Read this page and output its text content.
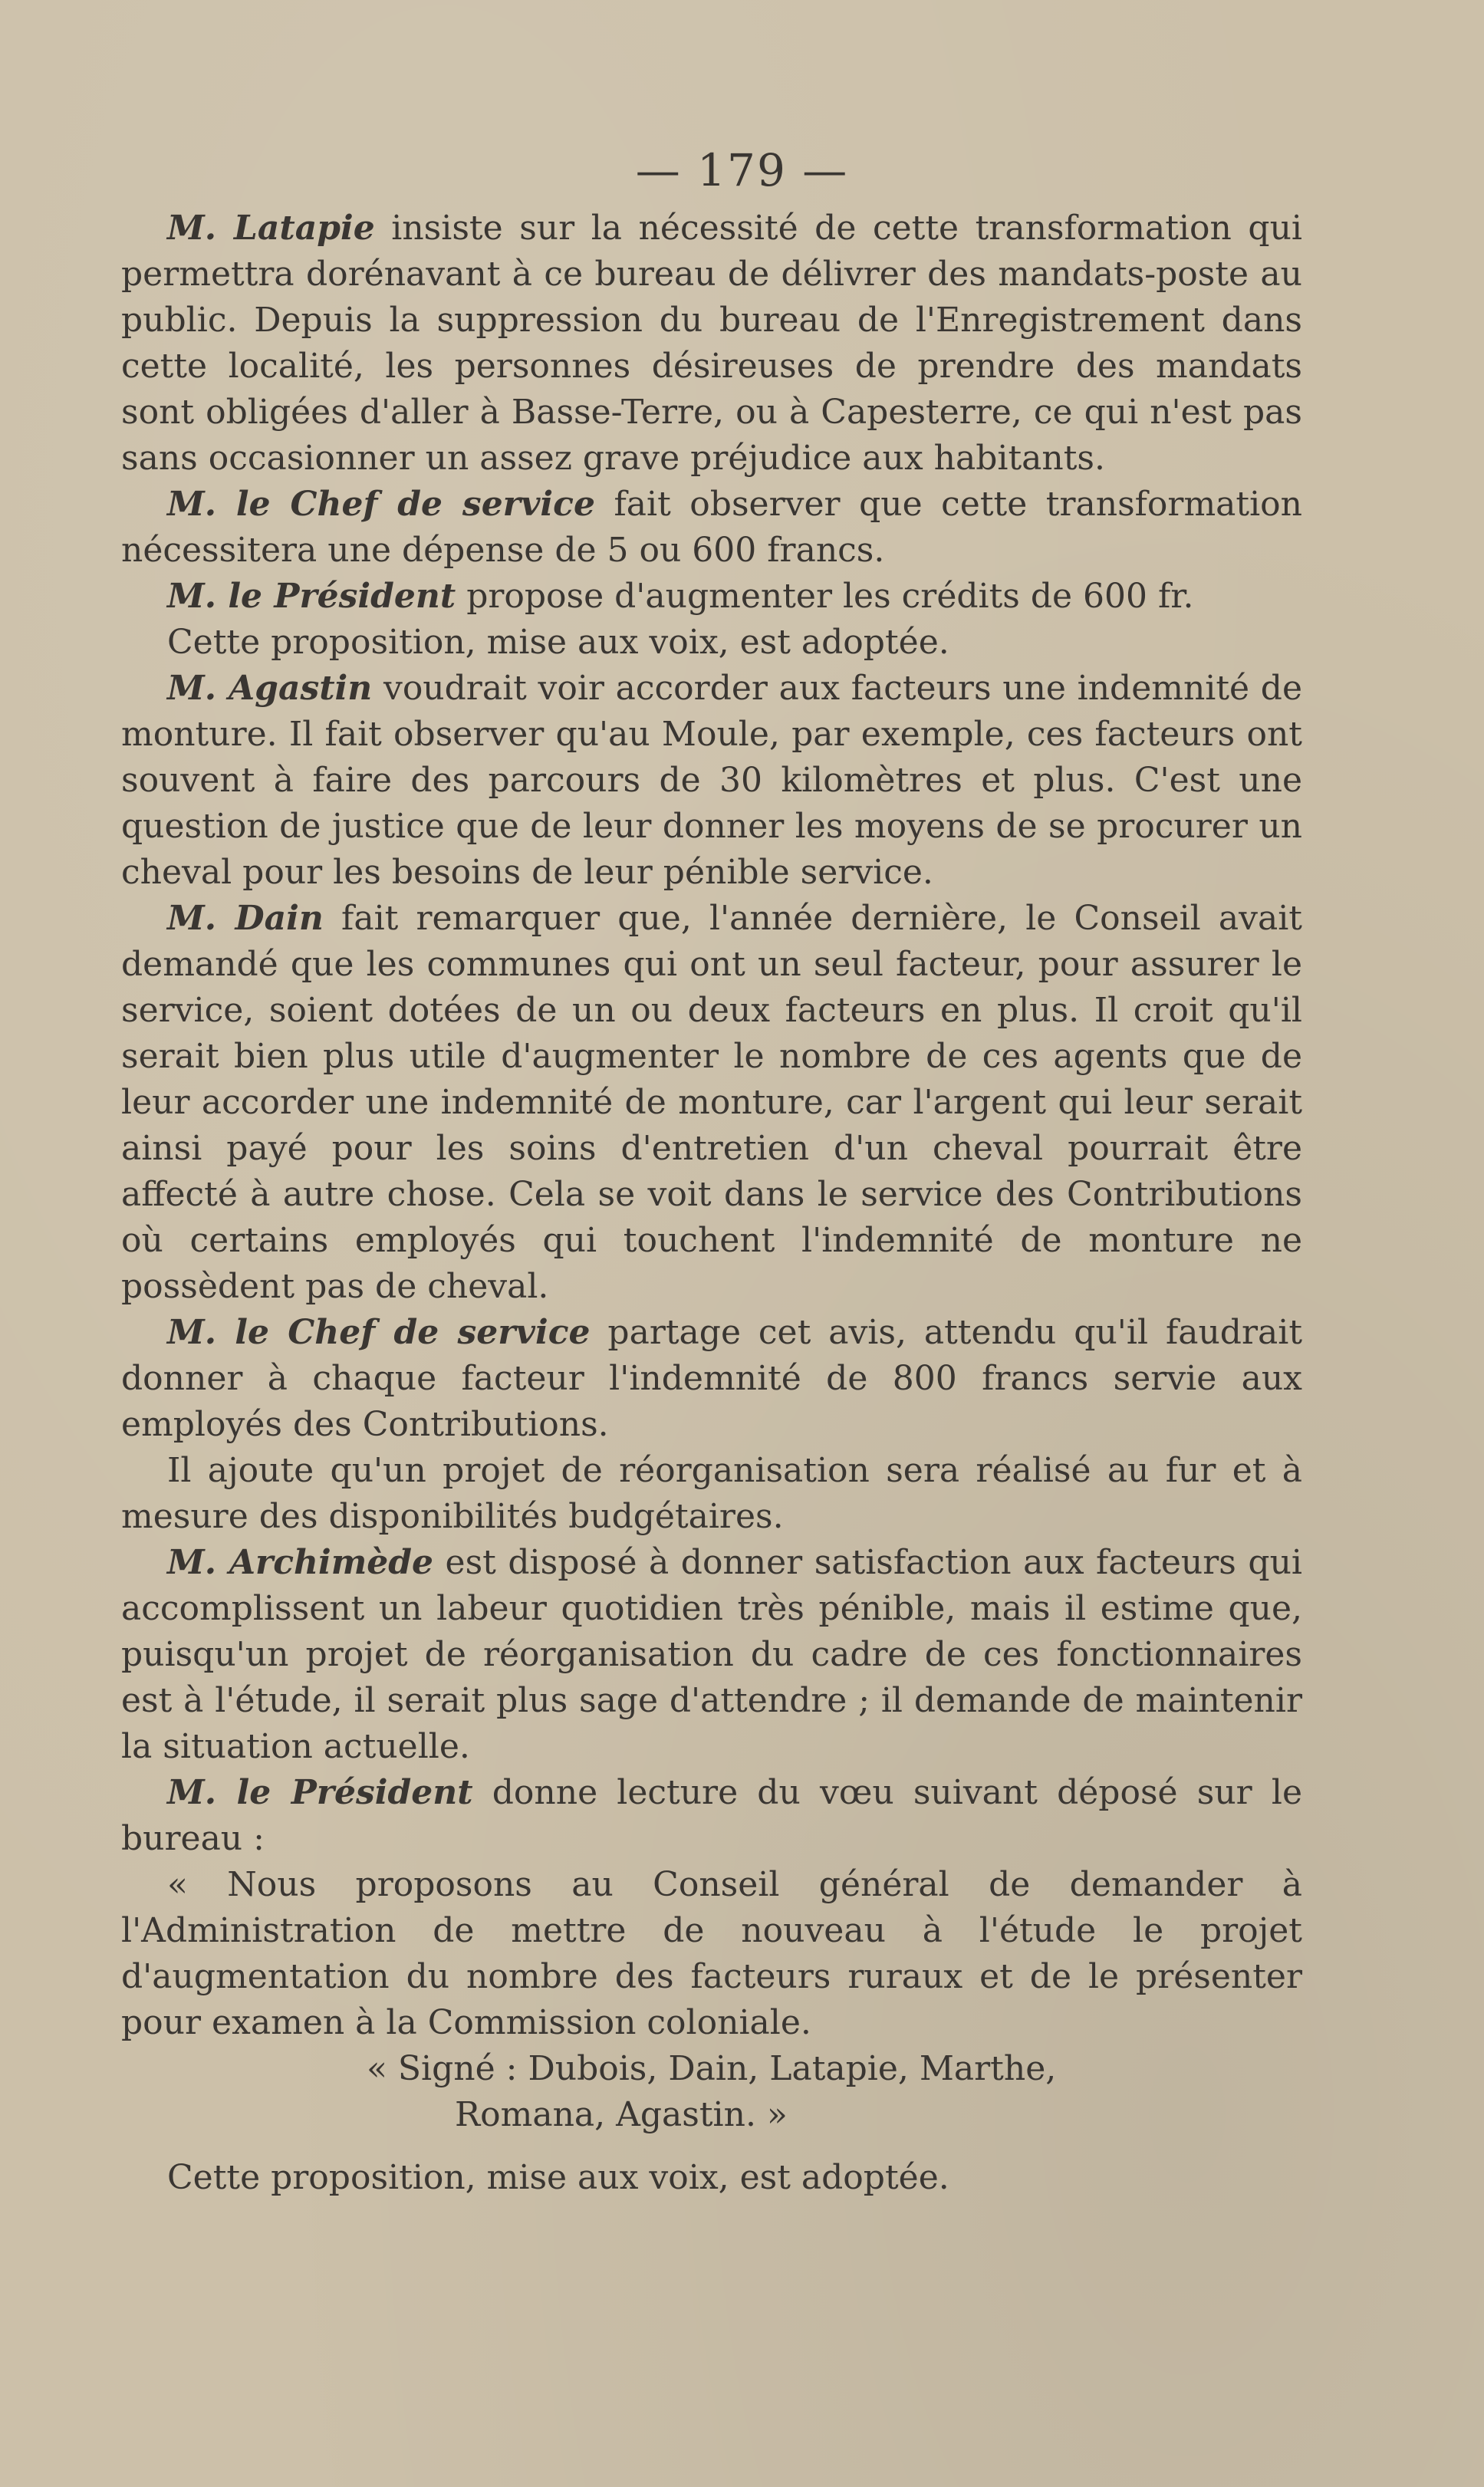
— 179 —

M. Latapie insiste sur la nécessité de cette transformation qui permettra dorénavant à ce bureau de délivrer des mandats-poste au public. Depuis la suppression du bureau de l'Enregistrement dans cette localité, les personnes désireuses de prendre des mandats sont obligées d'aller à Basse-Terre, ou à Capesterre, ce qui n'est pas sans occasionner un assez grave préjudice aux habitants.

M. le Chef de service fait observer que cette transformation nécessitera une dépense de 5 ou 600 francs.

M. le Président propose d'augmenter les crédits de 600 fr.

Cette proposition, mise aux voix, est adoptée.

M. Agastin voudrait voir accorder aux facteurs une indemnité de monture. Il fait observer qu'au Moule, par exemple, ces facteurs ont souvent à faire des parcours de 30 kilomètres et plus. C'est une question de justice que de leur donner les moyens de se procurer un cheval pour les besoins de leur pénible service.

M. Dain fait remarquer que, l'année dernière, le Conseil avait demandé que les communes qui ont un seul facteur, pour assurer le service, soient dotées de un ou deux facteurs en plus. Il croit qu'il serait bien plus utile d'augmenter le nombre de ces agents que de leur accorder une indemnité de monture, car l'argent qui leur serait ainsi payé pour les soins d'entretien d'un cheval pourrait être affecté à autre chose. Cela se voit dans le service des Contributions où certains employés qui touchent l'indemnité de monture ne possèdent pas de cheval.

M. le Chef de service partage cet avis, attendu qu'il faudrait donner à chaque facteur l'indemnité de 800 francs servie aux employés des Contributions.

Il ajoute qu'un projet de réorganisation sera réalisé au fur et à mesure des disponibilités budgétaires.

M. Archimède est disposé à donner satisfaction aux facteurs qui accomplissent un labeur quotidien très pénible, mais il estime que, puisqu'un projet de réorganisation du cadre de ces fonctionnaires est à l'étude, il serait plus sage d'attendre ; il demande de maintenir la situation actuelle.

M. le Président donne lecture du vœu suivant déposé sur le bureau :

« Nous proposons au Conseil général de demander à l'Administration de mettre de nouveau à l'étude le projet d'augmentation du nombre des facteurs ruraux et de le présenter pour examen à la Commission coloniale.

« Signé : Dubois, Dain, Latapie, Marthe,

Romana, Agastin. »

Cette proposition, mise aux voix, est adoptée.
